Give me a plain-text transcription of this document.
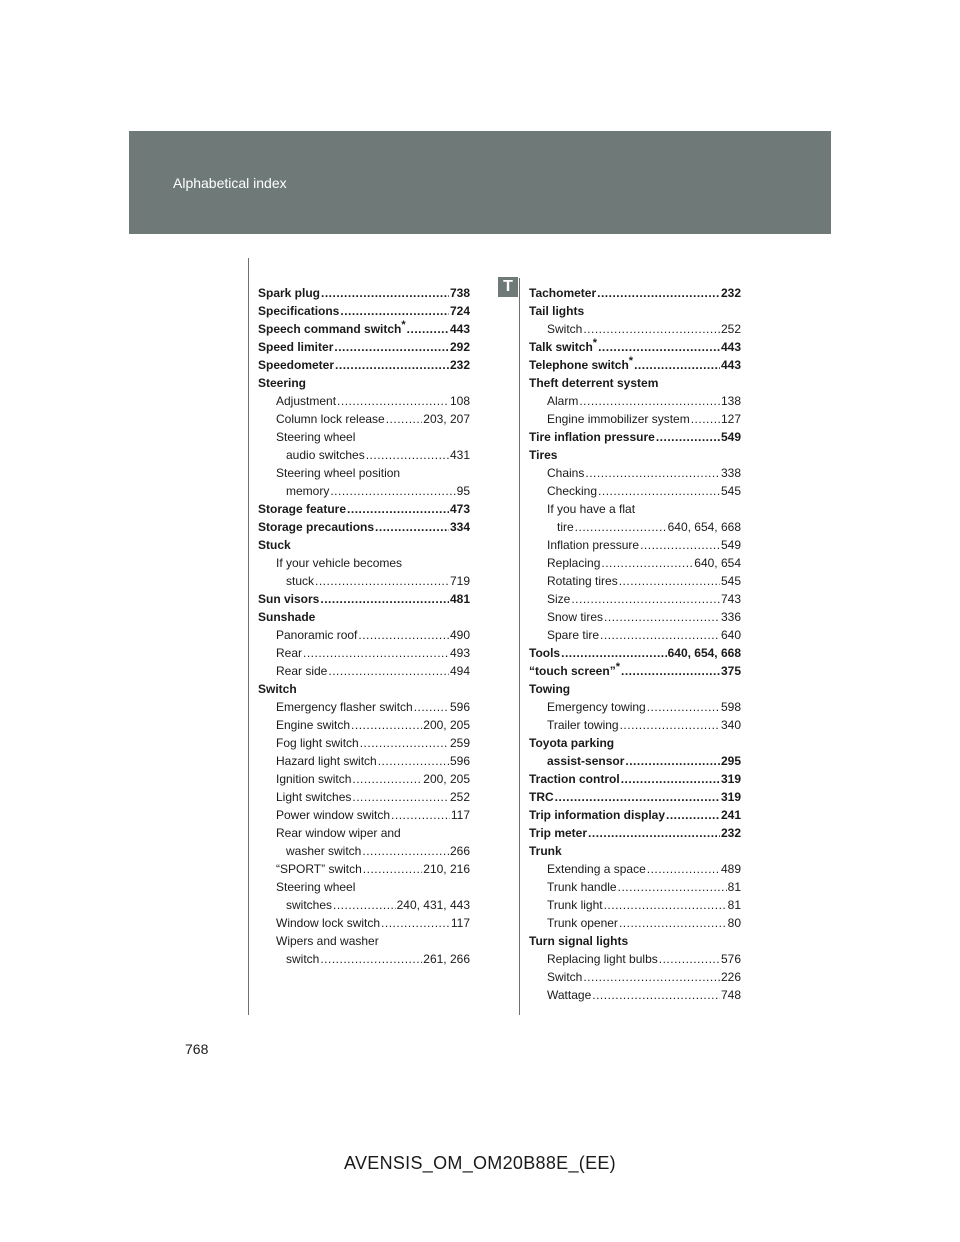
Alphabetical index
T
Spark plug .....	738
Specifications .....	724
Speech command switch* .....	443
Speed limiter .....	292
Speedometer .....	232
Steering
Adjustment .....	108
Column lock release .....	203, 207
Steering wheel
audio switches .....	431
Steering wheel position
memory .....	95
Storage feature .....	473
Storage precautions .....	334
Stuck
If your vehicle becomes
stuck .....	719
Sun visors .....	481
Sunshade
Panoramic roof .....	490
Rear .....	493
Rear side .....	494
Switch
Emergency flasher switch .....	596
Engine switch .....	200, 205
Fog light switch .....	259
Hazard light switch .....	596
Ignition switch .....	200, 205
Light switches .....	252
Power window switch .....	117
Rear window wiper and
washer switch .....	266
“SPORT” switch .....	210, 216
Steering wheel
switches .....	240, 431, 443
Window lock switch .....	117
Wipers and washer
switch .....	261, 266
Tachometer .....	232
Tail lights
Switch .....	252
Talk switch* .....	443
Telephone switch* .....	443
Theft deterrent system
Alarm .....	138
Engine immobilizer system .....	127
Tire inflation pressure .....	549
Tires
Chains .....	338
Checking .....	545
If you have a flat
tire .....	640, 654, 668
Inflation pressure .....	549
Replacing .....	640, 654
Rotating tires .....	545
Size .....	743
Snow tires .....	336
Spare tire .....	640
Tools .....	640, 654, 668
“touch screen”* .....	375
Towing
Emergency towing .....	598
Trailer towing .....	340
Toyota parking
assist-sensor .....	295
Traction control .....	319
TRC .....	319
Trip information display .....	241
Trip meter .....	232
Trunk
Extending a space .....	489
Trunk handle .....	81
Trunk light .....	81
Trunk opener .....	80
Turn signal lights
Replacing light bulbs .....	576
Switch .....	226
Wattage .....	748
768
AVENSIS_OM_OM20B88E_(EE)
